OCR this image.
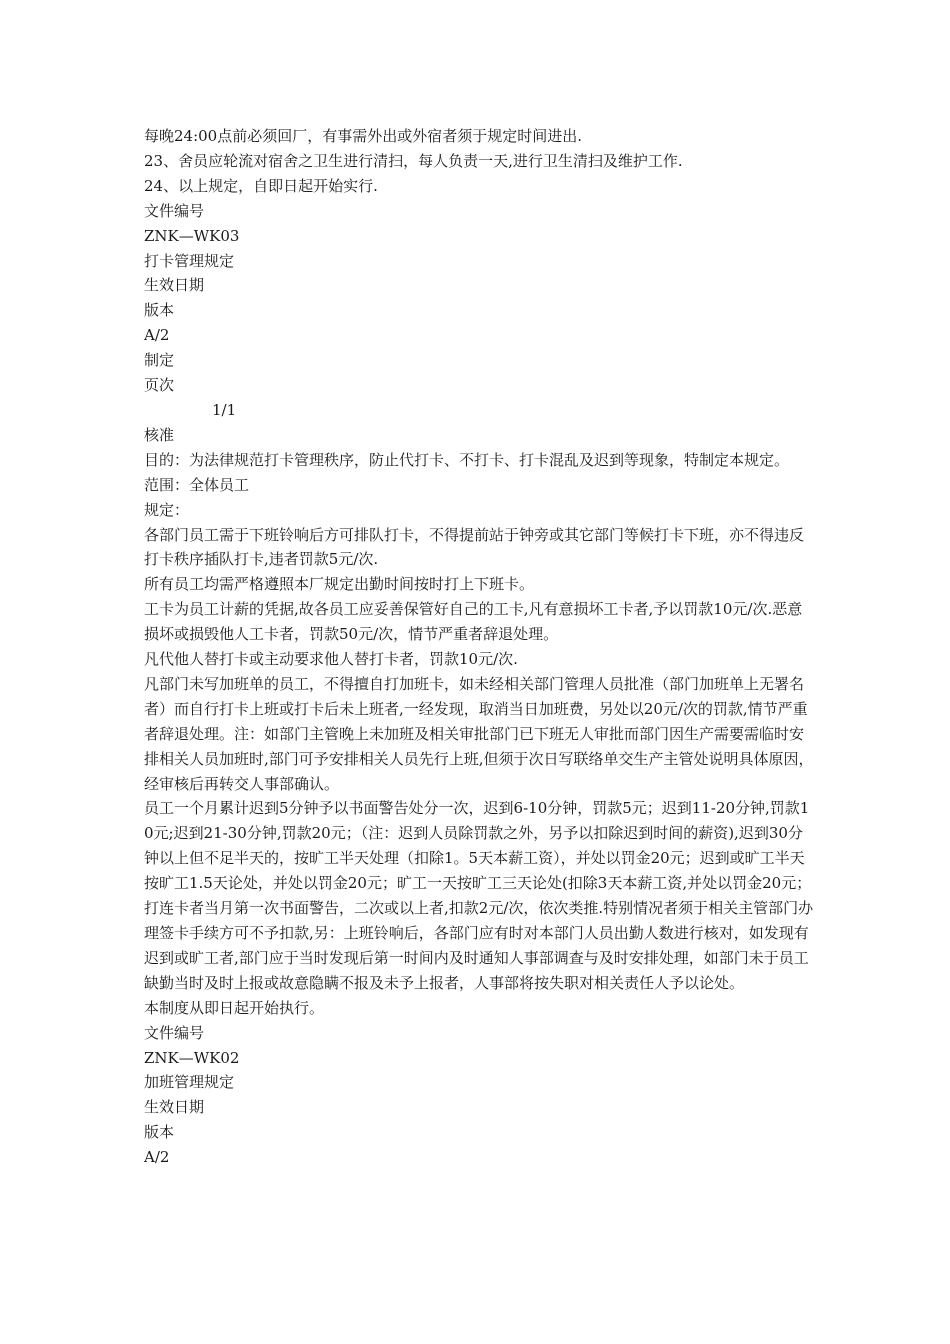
每晚24:00点前必须回厂，有事需外出或外宿者须于规定时间进出.

23、舍员应轮流对宿舍之卫生进行清扫，每人负责一天,进行卫生清扫及维护工作.

24、以上规定，自即日起开始实行.

文件编号

ZNK—WK03

打卡管理规定

生效日期

版本

A/2

制定

页次

1/1

核准

目的：为法律规范打卡管理秩序，防止代打卡、不打卡、打卡混乱及迟到等现象，特制定本规定。

范围：全体员工

规定：

各部门员工需于下班铃响后方可排队打卡，不得提前站于钟旁或其它部门等候打卡下班，亦不得违反打卡秩序插队打卡,违者罚款5元/次.

所有员工均需严格遵照本厂规定出勤时间按时打上下班卡。

工卡为员工计薪的凭据,故各员工应妥善保管好自己的工卡,凡有意损坏工卡者,予以罚款10元/次.恶意损坏或损毁他人工卡者，罚款50元/次，情节严重者辞退处理。

凡代他人替打卡或主动要求他人替打卡者，罚款10元/次.

凡部门未写加班单的员工，不得擅自打加班卡，如未经相关部门管理人员批准（部门加班单上无署名者）而自行打卡上班或打卡后未上班者,一经发现，取消当日加班费，另处以20元/次的罚款,情节严重者辞退处理。注：如部门主管晚上未加班及相关审批部门已下班无人审批而部门因生产需要需临时安排相关人员加班时,部门可予安排相关人员先行上班,但须于次日写联络单交生产主管处说明具体原因，经审核后再转交人事部确认。

员工一个月累计迟到5分钟予以书面警告处分一次，迟到6-10分钟，罚款5元；迟到11-20分钟,罚款10元;迟到21-30分钟,罚款20元；（注：迟到人员除罚款之外，另予以扣除迟到时间的薪资),迟到30分钟以上但不足半天的，按旷工半天处理（扣除1。5天本薪工资），并处以罚金20元；迟到或旷工半天按旷工1.5天论处，并处以罚金20元；旷工一天按旷工三天论处(扣除3天本薪工资,并处以罚金20元；打连卡者当月第一次书面警告，二次或以上者,扣款2元/次，依次类推.特别情况者须于相关主管部门办理签卡手续方可不予扣款,另：上班铃响后，各部门应有时对本部门人员出勤人数进行核对，如发现有迟到或旷工者,部门应于当时发现后第一时间内及时通知人事部调查与及时安排处理，如部门未于员工缺勤当时及时上报或故意隐瞒不报及未予上报者，人事部将按失职对相关责任人予以论处。

本制度从即日起开始执行。

文件编号

ZNK—WK02

加班管理规定

生效日期

版本

A/2
